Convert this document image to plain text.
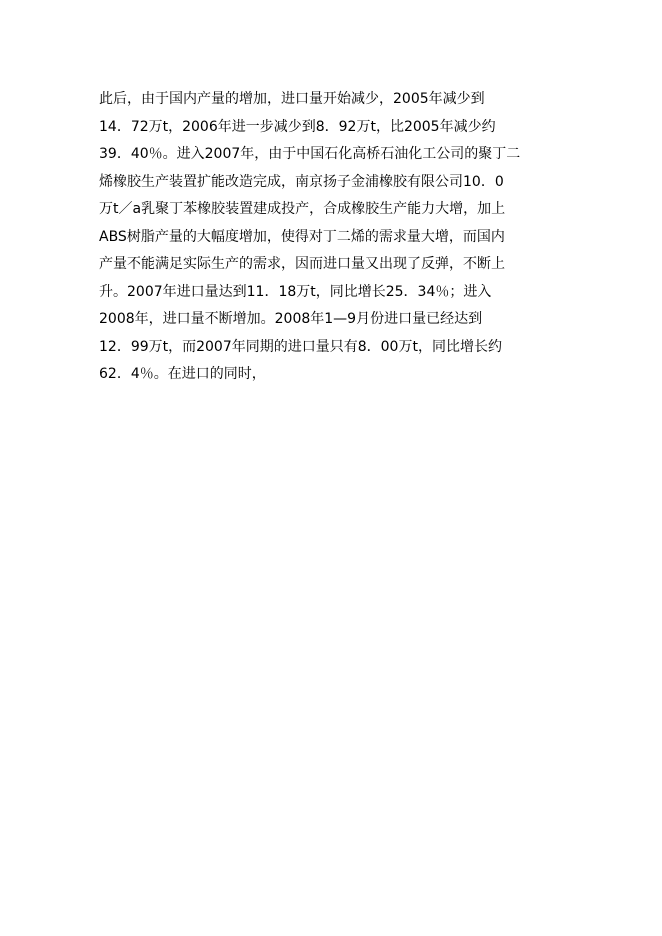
此后，由于国内产量的增加，进口量开始减少，2005年减少到
14．72万t，2006年进一步减少到8．92万t，比2005年减少约
39．40％。进入2007年，由于中国石化高桥石油化工公司的聚丁二
烯橡胶生产装置扩能改造完成，南京扬子金浦橡胶有限公司10．0
万t／a乳聚丁苯橡胶装置建成投产，合成橡胶生产能力大增，加上
ABS树脂产量的大幅度增加，使得对丁二烯的需求量大增，而国内
产量不能满足实际生产的需求，因而进口量又出现了反弹，不断上
升。2007年进口量达到11．18万t，同比增长25．34％；进入
2008年，进口量不断增加。2008年1—9月份进口量已经达到
12．99万t，而2007年同期的进口量只有8．00万t，同比增长约
62．4％。在进口的同时，
